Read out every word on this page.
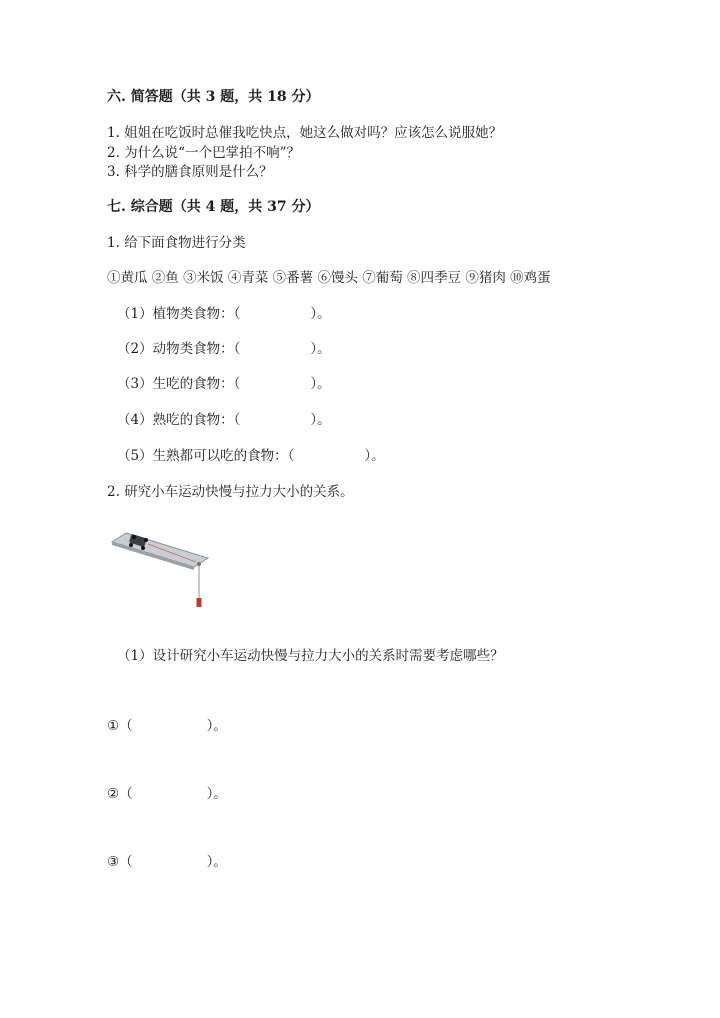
六. 简答题（共 3 题，共 18 分）
1. 姐姐在吃饭时总催我吃快点，她这么做对吗？应该怎么说服她？
2. 为什么说“一个巴掌拍不响”？
3. 科学的膳食原则是什么？
七. 综合题（共 4 题，共 37 分）
1. 给下面食物进行分类
①黄瓜 ②鱼 ③米饭 ④青菜 ⑤番薯 ⑥馒头 ⑦葡萄 ⑧四季豆 ⑨猪肉 ⑩鸡蛋
（1）植物类食物：（	）。
（2）动物类食物：（	）。
（3）生吃的食物：（	）。
（4）熟吃的食物：（	）。
（5）生熟都可以吃的食物：（	）。
2. 研究小车运动快慢与拉力大小的关系。
（1）设计研究小车运动快慢与拉力大小的关系时需要考虑哪些？
①（	）。
②（	）。
③（	）。
